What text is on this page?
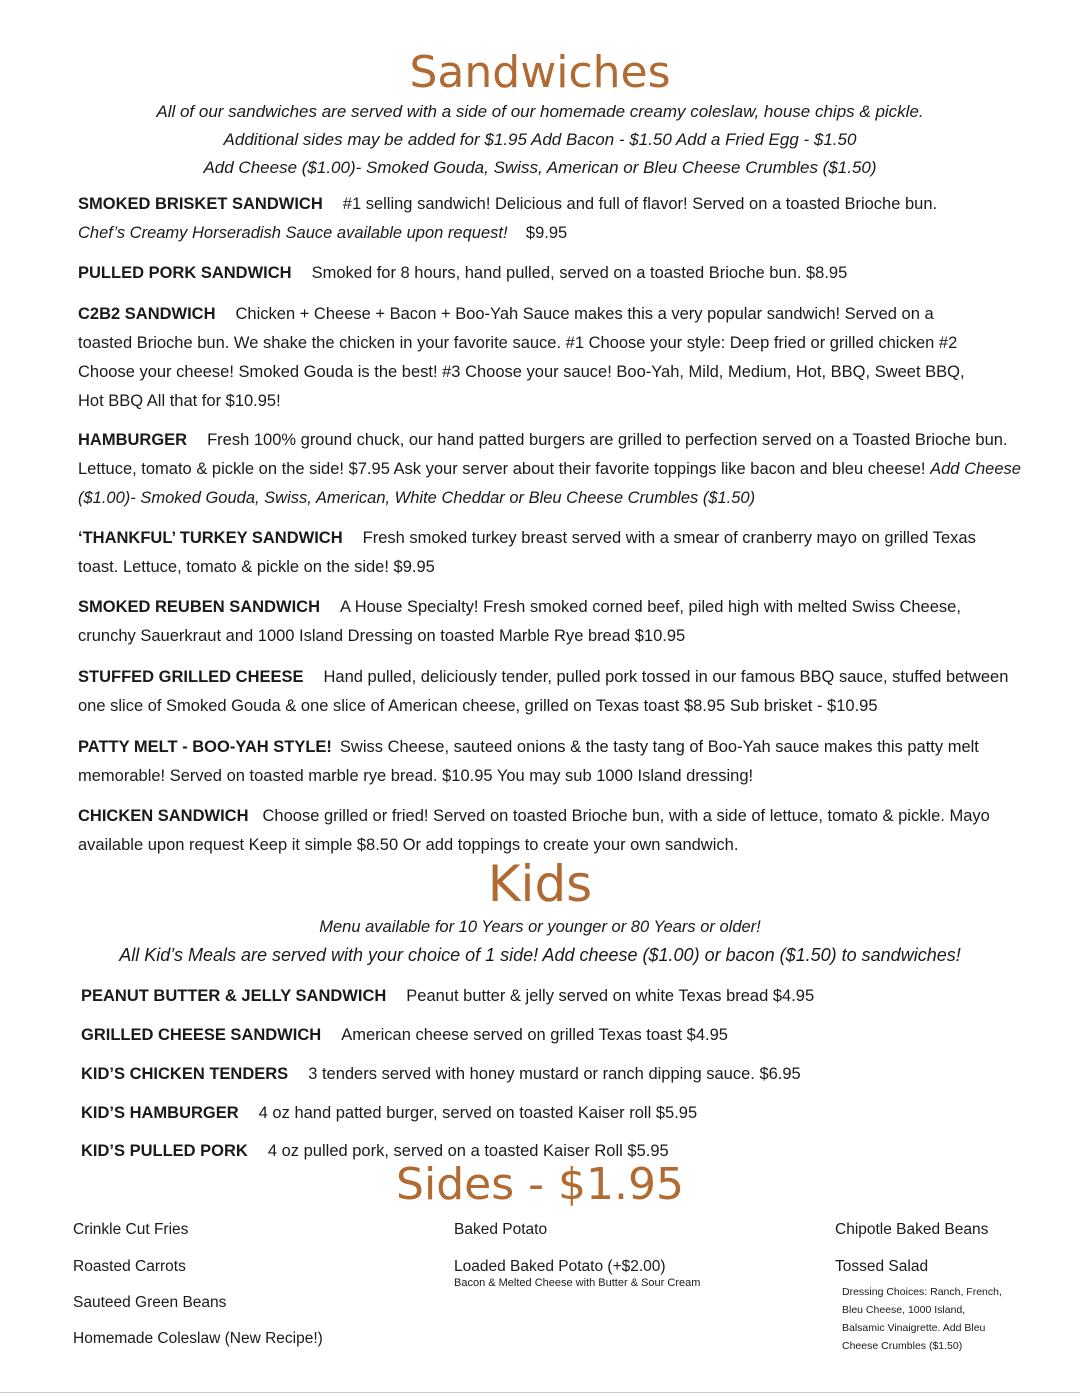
Sandwiches
All of our sandwiches are served with a side of our homemade creamy coleslaw, house chips & pickle.
Additional sides may be added for $1.95 Add Bacon - $1.50 Add a Fried Egg - $1.50
Add Cheese ($1.00)- Smoked Gouda, Swiss, American or Bleu Cheese Crumbles ($1.50)
SMOKED BRISKET SANDWICH #1 selling sandwich! Delicious and full of flavor! Served on a toasted Brioche bun.
Chef’s Creamy Horseradish Sauce available upon request! $9.95
PULLED PORK SANDWICH Smoked for 8 hours, hand pulled, served on a toasted Brioche bun. $8.95
C2B2 SANDWICH Chicken + Cheese + Bacon + Boo-Yah Sauce makes this a very popular sandwich! Served on a toasted Brioche bun. We shake the chicken in your favorite sauce. #1 Choose your style: Deep fried or grilled chicken #2 Choose your cheese! Smoked Gouda is the best! #3 Choose your sauce! Boo-Yah, Mild, Medium, Hot, BBQ, Sweet BBQ, Hot BBQ All that for $10.95!
HAMBURGER Fresh 100% ground chuck, our hand patted burgers are grilled to perfection served on a Toasted Brioche bun. Lettuce, tomato & pickle on the side! $7.95 Ask your server about their favorite toppings like bacon and bleu cheese! Add Cheese ($1.00)- Smoked Gouda, Swiss, American, White Cheddar or Bleu Cheese Crumbles ($1.50)
‘THANKFUL’ TURKEY SANDWICH Fresh smoked turkey breast served with a smear of cranberry mayo on grilled Texas toast. Lettuce, tomato & pickle on the side! $9.95
SMOKED REUBEN SANDWICH A House Specialty! Fresh smoked corned beef, piled high with melted Swiss Cheese, crunchy Sauerkraut and 1000 Island Dressing on toasted Marble Rye bread $10.95
STUFFED GRILLED CHEESE Hand pulled, deliciously tender, pulled pork tossed in our famous BBQ sauce, stuffed between one slice of Smoked Gouda & one slice of American cheese, grilled on Texas toast $8.95 Sub brisket - $10.95
PATTY MELT - BOO-YAH STYLE! Swiss Cheese, sauteed onions & the tasty tang of Boo-Yah sauce makes this patty melt memorable! Served on toasted marble rye bread. $10.95 You may sub 1000 Island dressing!
CHICKEN SANDWICH Choose grilled or fried! Served on toasted Brioche bun, with a side of lettuce, tomato & pickle. Mayo available upon request Keep it simple $8.50 Or add toppings to create your own sandwich.
Kids
Menu available for 10 Years or younger or 80 Years or older!
All Kid’s Meals are served with your choice of 1 side! Add cheese ($1.00) or bacon ($1.50) to sandwiches!
PEANUT BUTTER & JELLY SANDWICH Peanut butter & jelly served on white Texas bread $4.95
GRILLED CHEESE SANDWICH American cheese served on grilled Texas toast $4.95
KID’S CHICKEN TENDERS 3 tenders served with honey mustard or ranch dipping sauce. $6.95
KID’S HAMBURGER 4 oz hand patted burger, served on toasted Kaiser roll $5.95
KID’S PULLED PORK 4 oz pulled pork, served on a toasted Kaiser Roll $5.95
Sides - $1.95
Crinkle Cut Fries
Roasted Carrots
Sauteed Green Beans
Homemade Coleslaw (New Recipe!)
Baked Potato
Loaded Baked Potato (+$2.00)
Bacon & Melted Cheese with Butter & Sour Cream
Chipotle Baked Beans
Tossed Salad
Dressing Choices: Ranch, French,
Bleu Cheese, 1000 Island,
Balsamic Vinaigrette. Add Bleu
Cheese Crumbles ($1.50)
